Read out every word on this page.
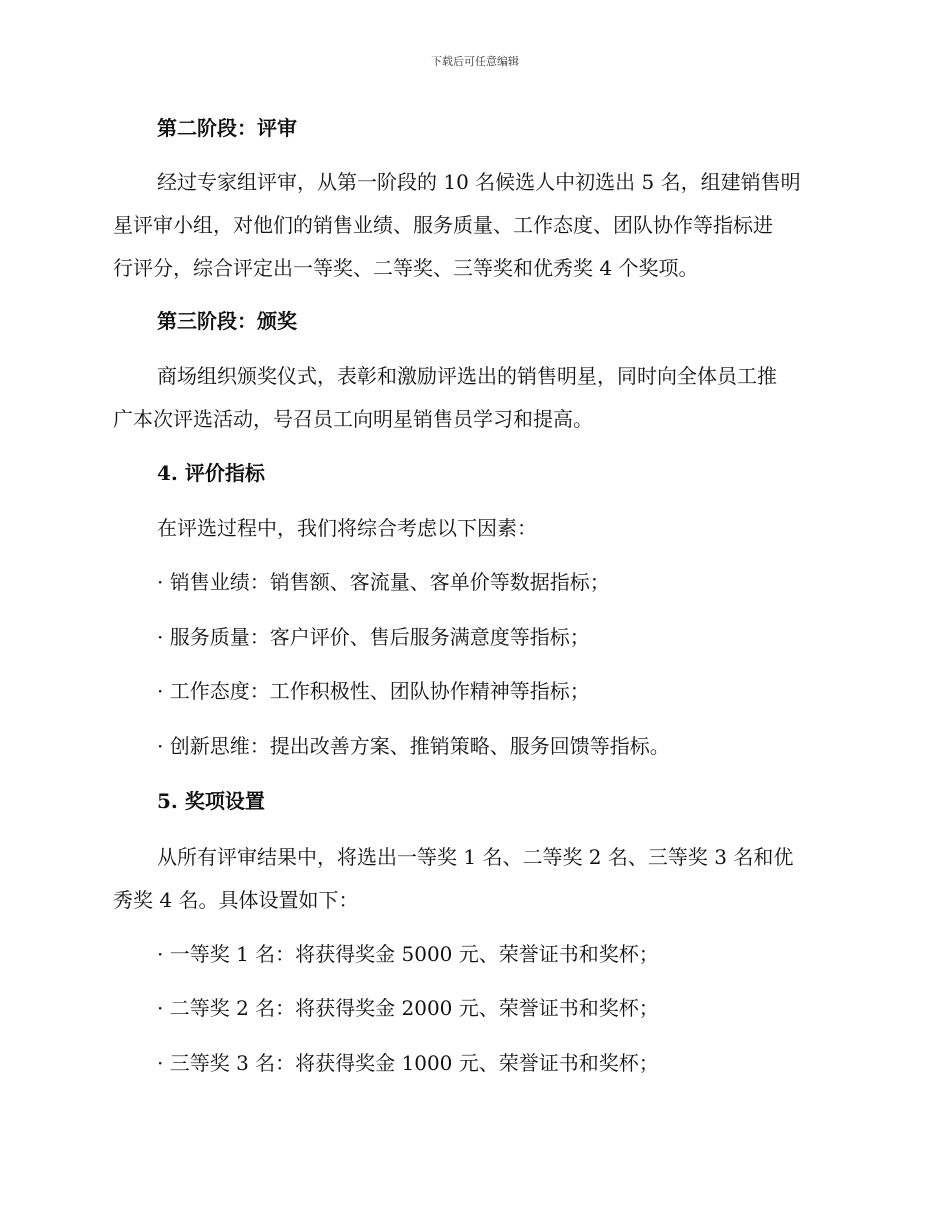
下载后可任意编辑
第二阶段：评审
经过专家组评审，从第一阶段的 10 名候选人中初选出 5 名，组建销售明
星评审小组，对他们的销售业绩、服务质量、工作态度、团队协作等指标进
行评分，综合评定出一等奖、二等奖、三等奖和优秀奖 4 个奖项。
第三阶段：颁奖
商场组织颁奖仪式，表彰和激励评选出的销售明星，同时向全体员工推
广本次评选活动，号召员工向明星销售员学习和提高。
4. 评价指标
在评选过程中，我们将综合考虑以下因素：
· 销售业绩：销售额、客流量、客单价等数据指标；
· 服务质量：客户评价、售后服务满意度等指标；
· 工作态度：工作积极性、团队协作精神等指标；
· 创新思维：提出改善方案、推销策略、服务回馈等指标。
5. 奖项设置
从所有评审结果中，将选出一等奖 1 名、二等奖 2 名、三等奖 3 名和优
秀奖 4 名。具体设置如下：
· 一等奖 1 名：将获得奖金 5000 元、荣誉证书和奖杯；
· 二等奖 2 名：将获得奖金 2000 元、荣誉证书和奖杯；
· 三等奖 3 名：将获得奖金 1000 元、荣誉证书和奖杯；
